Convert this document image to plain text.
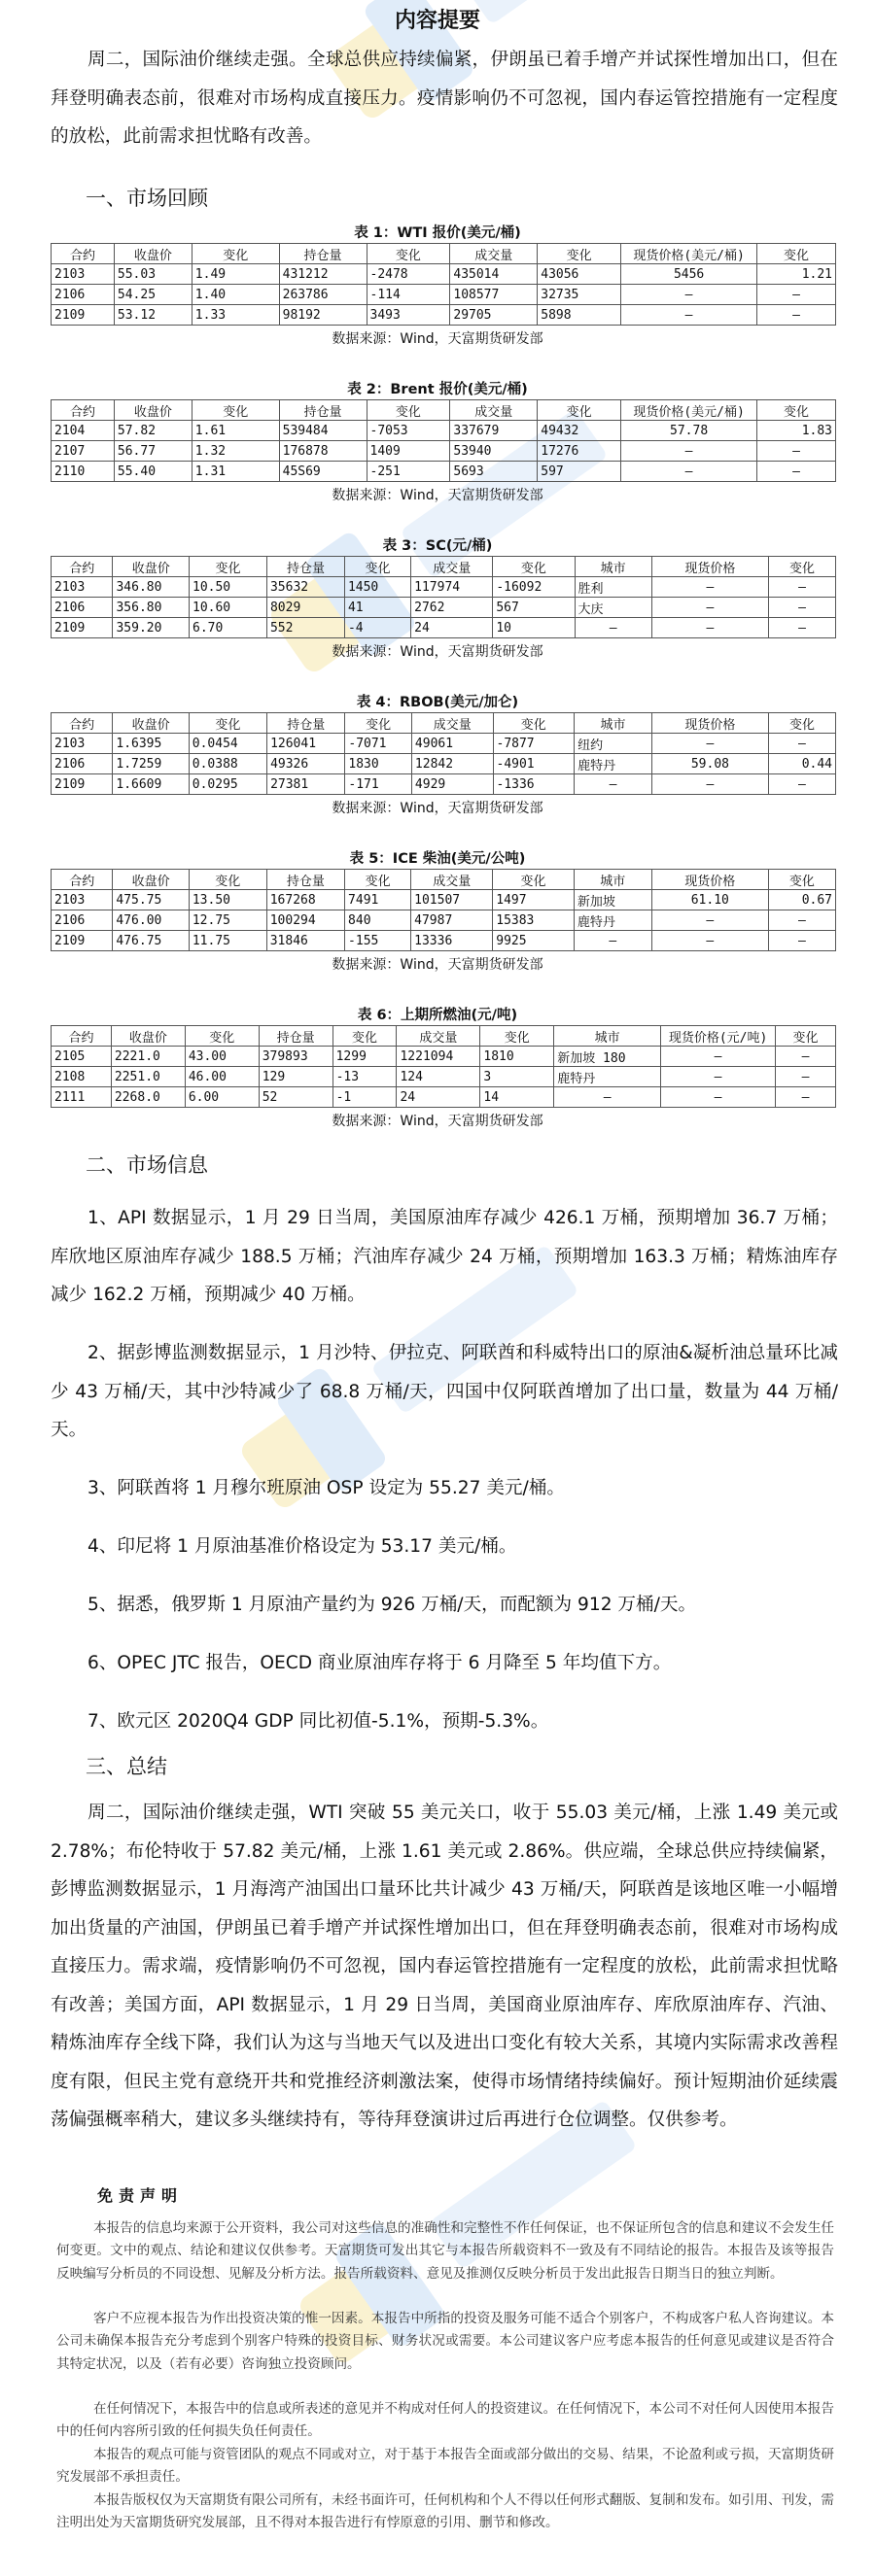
内容提要

周二，国际油价继续走强。全球总供应持续偏紧，伊朗虽已着手增产并试探性增加出口，但在拜登明确表态前，很难对市场构成直接压力。疫情影响仍不可忽视，国内春运管控措施有一定程度的放松，此前需求担忧略有改善。

一、市场回顾

表 1：WTI 报价(美元/桶)

合约	收盘价	变化	持仓量	变化	成交量	变化	现货价格(美元/桶)	变化
2103	55.03	1.49	431212	-2478	435014	43056	5456	1.21
2106	54.25	1.40	263786	-114	108577	32735	—	—
2109	53.12	1.33	98192	3493	29705	5898	—	—

数据来源：Wind，天富期货研发部

表 2：Brent 报价(美元/桶)

合约	收盘价	变化	持仓量	变化	成交量	变化	现货价格(美元/桶)	变化
2104	57.82	1.61	539484	-7053	337679	49432	57.78	1.83
2107	56.77	1.32	176878	1409	53940	17276	—	—
2110	55.40	1.31	45S69	-251	5693	597	—	—

数据来源：Wind，天富期货研发部

表 3：SC(元/桶)

合约	收盘价	变化	持仓量	变化	成交量	变化	城市	现货价格	变化
2103	346.80	10.50	35632	1450	117974	-16092	胜利	—	—
2106	356.80	10.60	8029	41	2762	567	大庆	—	—
2109	359.20	6.70	552	-4	24	10	—	—	—

数据来源：Wind，天富期货研发部

表 4：RBOB(美元/加仑)

合约	收盘价	变化	持仓量	变化	成交量	变化	城市	现货价格	变化
2103	1.6395	0.0454	126041	-7071	49061	-7877	纽约	—	—
2106	1.7259	0.0388	49326	1830	12842	-4901	鹿特丹	59.08	0.44
2109	1.6609	0.0295	27381	-171	4929	-1336	—	—	—

数据来源：Wind，天富期货研发部

表 5：ICE 柴油(美元/公吨)

合约	收盘价	变化	持仓量	变化	成交量	变化	城市	现货价格	变化
2103	475.75	13.50	167268	7491	101507	1497	新加坡	61.10	0.67
2106	476.00	12.75	100294	840	47987	15383	鹿特丹	—	—
2109	476.75	11.75	31846	-155	13336	9925	—	—	—

数据来源：Wind，天富期货研发部

表 6：上期所燃油(元/吨)

合约	收盘价	变化	持仓量	变化	成交量	变化	城市	现货价格(元/吨)	变化
2105	2221.0	43.00	379893	1299	1221094	1810	新加坡 180	—	—
2108	2251.0	46.00	129	-13	124	3	鹿特丹	—	—
2111	2268.0	6.00	52	-1	24	14	—	—	—

数据来源：Wind，天富期货研发部

二、市场信息

1、API 数据显示，1 月 29 日当周，美国原油库存减少 426.1 万桶，预期增加 36.7 万桶；库欣地区原油库存减少 188.5 万桶；汽油库存减少 24 万桶，预期增加 163.3 万桶；精炼油库存减少 162.2 万桶，预期减少 40 万桶。

2、据彭博监测数据显示，1 月沙特、伊拉克、阿联酋和科威特出口的原油&凝析油总量环比减少 43 万桶/天，其中沙特减少了 68.8 万桶/天，四国中仅阿联酋增加了出口量，数量为 44 万桶/天。

3、阿联酋将 1 月穆尔班原油 OSP 设定为 55.27 美元/桶。

4、印尼将 1 月原油基准价格设定为 53.17 美元/桶。

5、据悉，俄罗斯 1 月原油产量约为 926 万桶/天，而配额为 912 万桶/天。

6、OPEC JTC 报告，OECD 商业原油库存将于 6 月降至 5 年均值下方。

7、欧元区 2020Q4 GDP 同比初值-5.1%，预期-5.3%。

三、总结

周二，国际油价继续走强，WTI 突破 55 美元关口，收于 55.03 美元/桶，上涨 1.49 美元或 2.78%；布伦特收于 57.82 美元/桶，上涨 1.61 美元或 2.86%。供应端，全球总供应持续偏紧，彭博监测数据显示，1 月海湾产油国出口量环比共计减少 43 万桶/天，阿联酋是该地区唯一小幅增加出货量的产油国，伊朗虽已着手增产并试探性增加出口，但在拜登明确表态前，很难对市场构成直接压力。需求端，疫情影响仍不可忽视，国内春运管控措施有一定程度的放松，此前需求担忧略有改善；美国方面，API 数据显示，1 月 29 日当周，美国商业原油库存、库欣原油库存、汽油、精炼油库存全线下降，我们认为这与当地天气以及进出口变化有较大关系，其境内实际需求改善程度有限，但民主党有意绕开共和党推经济刺激法案，使得市场情绪持续偏好。预计短期油价延续震荡偏强概率稍大，建议多头继续持有，等待拜登演讲过后再进行仓位调整。仅供参考。

免责声明

本报告的信息均来源于公开资料，我公司对这些信息的准确性和完整性不作任何保证，也不保证所包含的信息和建议不会发生任何变更。文中的观点、结论和建议仅供参考。天富期货可发出其它与本报告所载资料不一致及有不同结论的报告。本报告及该等报告反映编写分析员的不同设想、见解及分析方法。报告所载资料、意见及推测仅反映分析员于发出此报告日期当日的独立判断。

客户不应视本报告为作出投资决策的惟一因素。本报告中所指的投资及服务可能不适合个别客户，不构成客户私人咨询建议。本公司未确保本报告充分考虑到个别客户特殊的投资目标、财务状况或需要。本公司建议客户应考虑本报告的任何意见或建议是否符合其特定状况，以及（若有必要）咨询独立投资顾问。

在任何情况下，本报告中的信息或所表述的意见并不构成对任何人的投资建议。在任何情况下，本公司不对任何人因使用本报告中的任何内容所引致的任何损失负任何责任。

本报告的观点可能与资管团队的观点不同或对立，对于基于本报告全面或部分做出的交易、结果，不论盈利或亏损，天富期货研究发展部不承担责任。

本报告版权仅为天富期货有限公司所有，未经书面许可，任何机构和个人不得以任何形式翻版、复制和发布。如引用、刊发，需注明出处为天富期货研究发展部，且不得对本报告进行有悖原意的引用、删节和修改。
